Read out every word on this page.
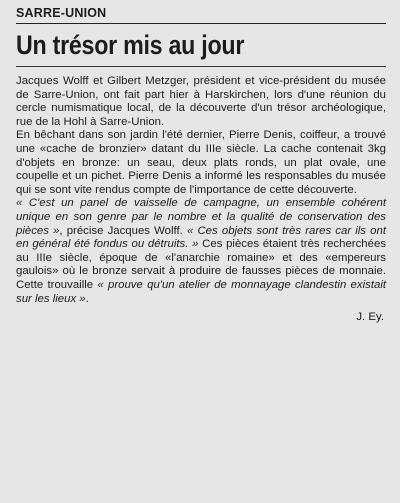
SARRE-UNION
Un trésor mis au jour

Jacques Wolff et Gilbert Metzger, président et vice-président du musée de Sarre-Union, ont fait part hier à Harskirchen, lors d'une réunion du cercle numismatique local, de la découverte d'un trésor archéologique, rue de la Hohl à Sarre-Union.

En bêchant dans son jardin l'été dernier, Pierre Denis, coiffeur, a trouvé une «cache de bronzier» datant du IIIe siècle. La cache contenait 3kg d'objets en bronze: un seau, deux plats ronds, un plat ovale, une coupelle et un pichet. Pierre Denis a informé les responsables du musée qui se sont vite rendus compte de l'importance de cette découverte.

« C'est un panel de vaisselle de campagne, un ensemble cohérent unique en son genre par le nombre et la qualité de conservation des pièces », précise Jacques Wolff. « Ces objets sont très rares car ils ont en général été fondus ou détruits. » Ces pièces étaient très recherchées au IIIe siècle, époque de «l'anarchie romaine» et des «empereurs gaulois» où le bronze servait à produire de fausses pièces de monnaie. Cette trouvaille « prouve qu'un atelier de monnayage clandestin existait sur les lieux ».

J. Ey.
